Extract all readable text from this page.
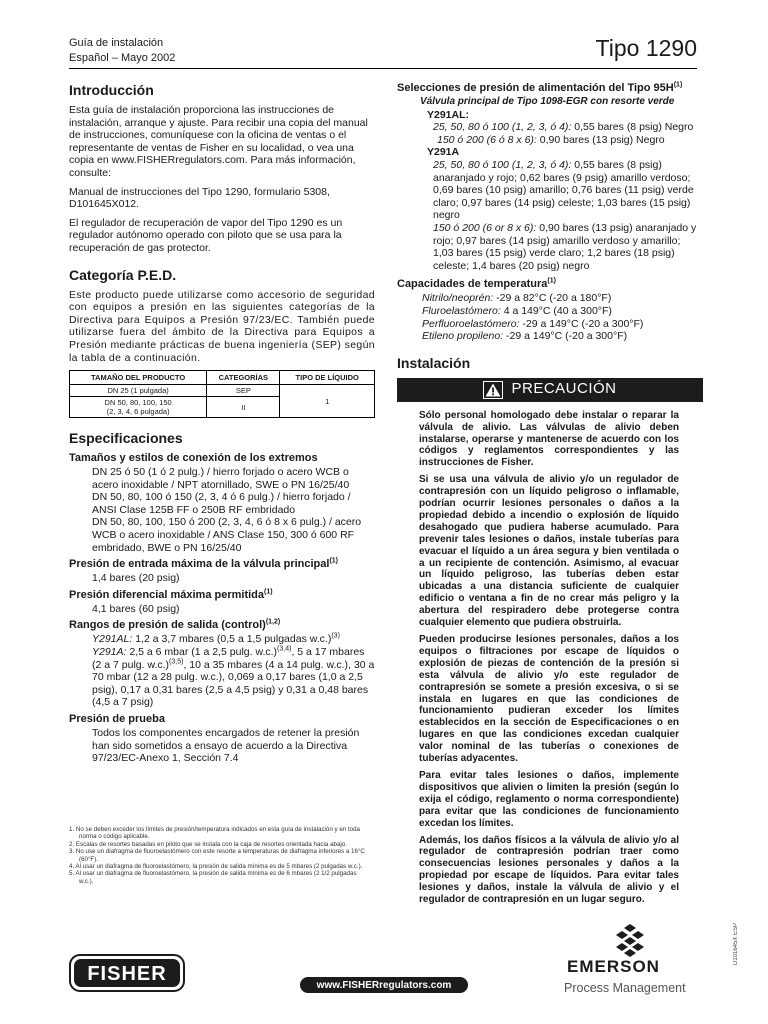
Guía de instalación
Español – Mayo 2002	Tipo 1290
Introducción

Esta guía de instalación proporciona las instrucciones de instalación, arranque y ajuste. Para recibir una copia del manual de instrucciones, comuníquese con la oficina de ventas o el representante de ventas de Fisher en su localidad, o vea una copia en www.FISHERregulators.com. Para más información, consulte:

Manual de instrucciones del Tipo 1290, formulario 5308, D101645X012.

El regulador de recuperación de vapor del Tipo 1290 es un regulador autónomo operado con piloto que se usa para la recuperación de gas protector.

Categoría P.E.D.

Este producto puede utilizarse como accesorio de seguridad con equipos a presión en las siguientes categorías de la Directiva para Equipos a Presión 97/23/EC. También puede utilizarse fuera del ámbito de la Directiva para Equipos a Presión mediante prácticas de buena ingeniería (SEP) según la tabla de a continuación.

TAMAÑO DEL PRODUCTO	CATEGORÍAS	TIPO DE LÍQUIDO
DN 25 (1 pulgada)	SEP	1

DN 50, 80, 100, 150
(2, 3, 4, 6 pulgada)	II	
Especificaciones
Tamaños y estilos de conexión de los extremos

DN 25 ó 50 (1 ó 2 pulg.) / hierro forjado o acero WCB o acero inoxidable / NPT atornillado, SWE o PN 16/25/40

DN 50, 80, 100 ó 150 (2, 3, 4 ó 6 pulg.) / hierro forjado / ANSI Clase 125B FF o 250B RF embridado

DN 50, 80, 100, 150 ó 200 (2, 3, 4, 6 ó 8 x 6 pulg.) / acero WCB o acero inoxidable / ANS Clase 150, 300 ó 600 RF embridado, BWE o PN 16/25/40

Presión de entrada máxima de la válvula principal$^{(1)}$
1,4 bares (20 psig)
Presión diferencial máxima permitida$^{(1)}$
4,1 bares (60 psig)
Rangos de presión de salida (control)$^{(1,2)}$

Y291AL: 1,2 a 3,7 mbares (0,5 a 1,5 pulgadas w.c.)$^{(3)}$

Y291A: 2,5 a 6 mbar (1 a 2,5 pulg. w.c.)$^{(3,4)}$, 5 a 17 mbares (2 a 7 pulg. w.c.)$^{(3,5)}$, 10 a 35 mbares (4 a 14 pulg. w.c.), 30 a 70 mbar (12 a 28 pulg. w.c.), 0,069 a 0,17 bares (1,0 a 2,5 psig), 0,17 a 0,31 bares (2,5 a 4,5 psig) y 0,31 a 0,48 bares (4,5 a 7 psig)

Presión de prueba
Todos los componentes encargados de retener la presión han sido sometidos a ensayo de acuerdo a la Directiva 97/23/EC-Anexo 1, Sección 7.4
1. No se deben exceder los límites de presión/temperatura indicados en esta guía de instalación y en toda norma o código aplicable.
2. Escalas de resortes basadas en piloto que se instala con la caja de resortes orientada hacia abajo.
3. No use un diafragma de fluoroelastómero con este resorte a temperaturas de diafragma inferiores a 16°C (60°F).
4. Al usar un diafragma de fluoroelastómero, la presión de salida mínima es de 5 mbares (2 pulgadas w.c.).
5. Al usar un diafragma de fluoroelastómero, la presión de salida mínima es de 6 mbares (2 1/2 pulgadas w.c.).
Selecciones de presión de alimentación del Tipo $95H^{(1)}$
Válvula principal de Tipo 1098-EGR con resorte verde
Y291AL:
25, 50, 80 ó 100 (1, 2, 3, ó 4): 0,55 bares (8 psig) Negro
150 ó 200 (6 ó 8 x 6): 0,90 bares (13 psig) Negro
Y291A
25, 50, 80 ó 100 (1, 2, 3, ó 4): 0,55 bares (8 psig) anaranjado y rojo; 0,62 bares (9 psig) amarillo verdoso; 0,69 bares (10 psig) amarillo; 0,76 bares (11 psig) verde claro; 0,97 bares (14 psig) celeste; 1,03 bares (15 psig) negro
150 ó 200 (6 or 8 x 6): 0,90 bares (13 psig) anaranjado y rojo; 0,97 bares (14 psig) amarillo verdoso y amarillo; 1,03 bares (15 psig) verde claro; 1,2 bares (18 psig) celeste; 1,4 bares (20 psig) negro
Capacidades de temperatura$^{(1)}$
Nitrilo/neoprén: -29 a 82°C (-20 a 180°F)
Fluroelastómero: 4 a 149°C (40 a 300°F)
Perfluoroelastómero: -29 a 149°C (-20 a 300°F)
Etileno propileno: -29 a 149°C (-20 a 300°F)
Instalación
PRECAUCIÓN

Sólo personal homologado debe instalar o reparar la válvula de alivio. Las válvulas de alivio deben instalarse, operarse y mantenerse de acuerdo con los códigos y reglamentos correspondientes y las instrucciones de Fisher.

Si se usa una válvula de alivio y/o un regulador de contrapresión con un líquido peligroso o inflamable, podrían ocurrir lesiones personales o daños a la propiedad debido a incendio o explosión de líquido desahogado que pudiera haberse acumulado. Para prevenir tales lesiones o daños, instale tuberías para evacuar el líquido a un área segura y bien ventilada o a un recipiente de contención. Asimismo, al evacuar un líquido peligroso, las tuberías deben estar ubicadas a una distancia suficiente de cualquier edificio o ventana a fin de no crear más peligro y la abertura del respiradero debe protegerse contra cualquier elemento que pudiera obstruirla.

Pueden producirse lesiones personales, daños a los equipos o filtraciones por escape de líquidos o explosión de piezas de contención de la presión si esta válvula de alivio y/o este regulador de contrapresión se somete a presión excesiva, o si se instala en lugares en que las condiciones de funcionamiento pudieran exceder los límites establecidos en la sección de Especificaciones o en lugares en que las condiciones excedan cualquier valor nominal de las tuberías o conexiones de tuberías adyacentes.

Para evitar tales lesiones o daños, implemente dispositivos que alivien o limiten la presión (según lo exija el código, reglamento o norma correspondiente) para evitar que las condiciones de funcionamiento excedan los límites.

Además, los daños físicos a la válvula de alivio y/o al regulador de contrapresión podrían traer como consecuencias lesiones personales y daños a la propiedad por escape de líquidos. Para evitar tales lesiones y daños, instale la válvula de alivio y el regulador de contrapresión en un lugar seguro.

D101645X ESP
FISHER	www.FISHERregulators.com
EMERSON
Process Management
